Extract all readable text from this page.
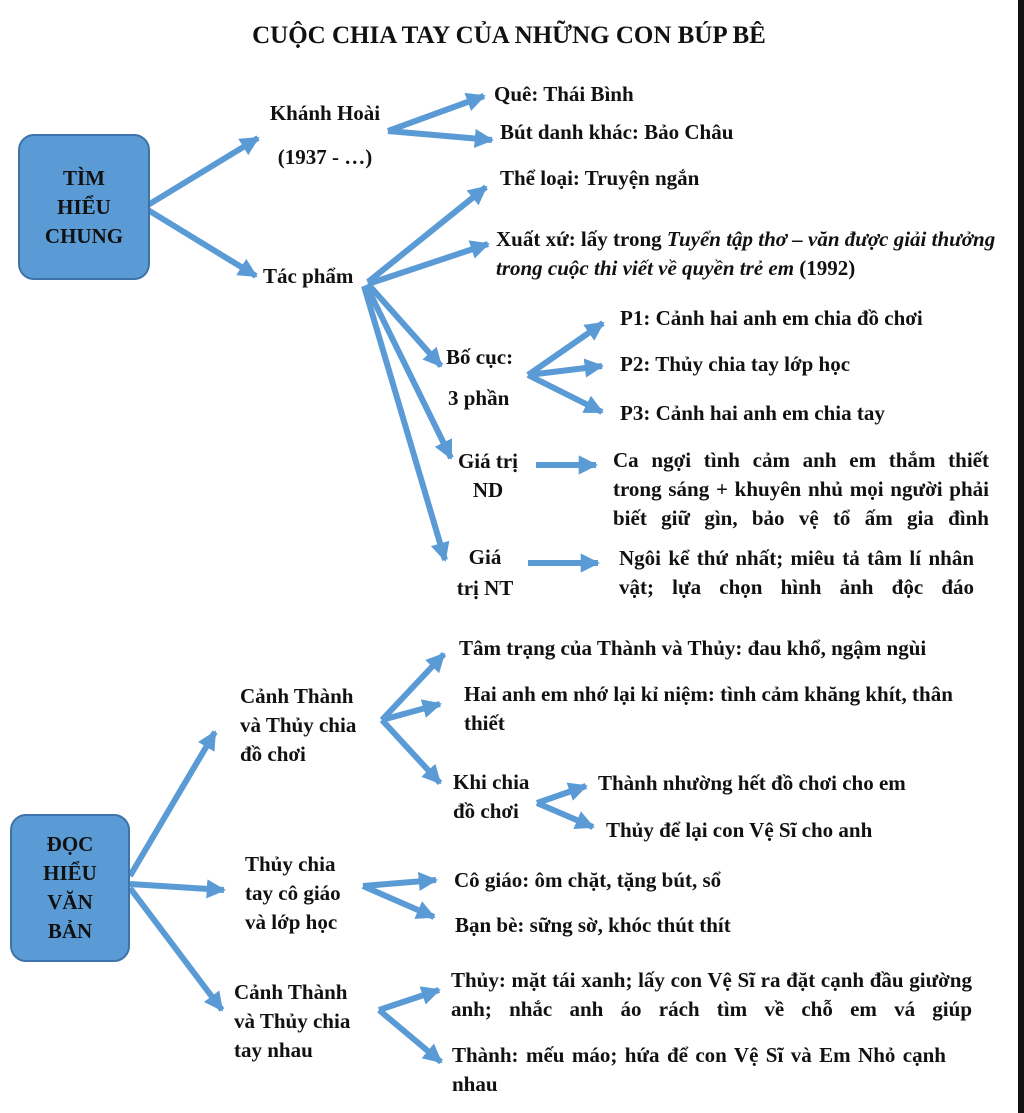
CUỘC CHIA TAY CỦA NHỮNG CON BÚP BÊ
TÌM HIỂU CHUNG
Khánh Hoài
(1937 - …)
Quê: Thái Bình
Bút danh khác: Bảo Châu
Tác phẩm
Thể loại: Truyện ngắn
Xuất xứ: lấy trong Tuyển tập thơ – văn được giải thưởng trong cuộc thi viết về quyền trẻ em (1992)
Bố cục:
3 phần
P1: Cảnh hai anh em chia đồ chơi
P2: Thủy chia tay lớp học
P3: Cảnh hai anh em chia tay
Giá trị
ND
Ca ngợi tình cảm anh em thắm thiết trong sáng + khuyên nhủ mọi người phải biết giữ gìn, bảo vệ tổ ấm gia đình
Giá
trị NT
Ngôi kể thứ nhất; miêu tả tâm lí nhân vật; lựa chọn hình ảnh độc đáo
ĐỌC HIỂU VĂN BẢN
Cảnh Thành và Thủy chia đồ chơi
Tâm trạng của Thành và Thủy: đau khổ, ngậm ngùi
Hai anh em nhớ lại kỉ niệm: tình cảm khăng khít, thân thiết
Khi chia đồ chơi
Thành nhường hết đồ chơi cho em
Thủy để lại con Vệ Sĩ cho anh
Thủy chia tay cô giáo và lớp học
Cô giáo: ôm chặt, tặng bút, sổ
Bạn bè: sững sờ, khóc thút thít
Cảnh Thành và Thủy chia tay nhau
Thủy: mặt tái xanh; lấy con Vệ Sĩ ra đặt cạnh đầu giường anh; nhắc anh áo rách tìm về chỗ em vá giúp
Thành: mếu máo; hứa để con Vệ Sĩ và Em Nhỏ cạnh nhau
